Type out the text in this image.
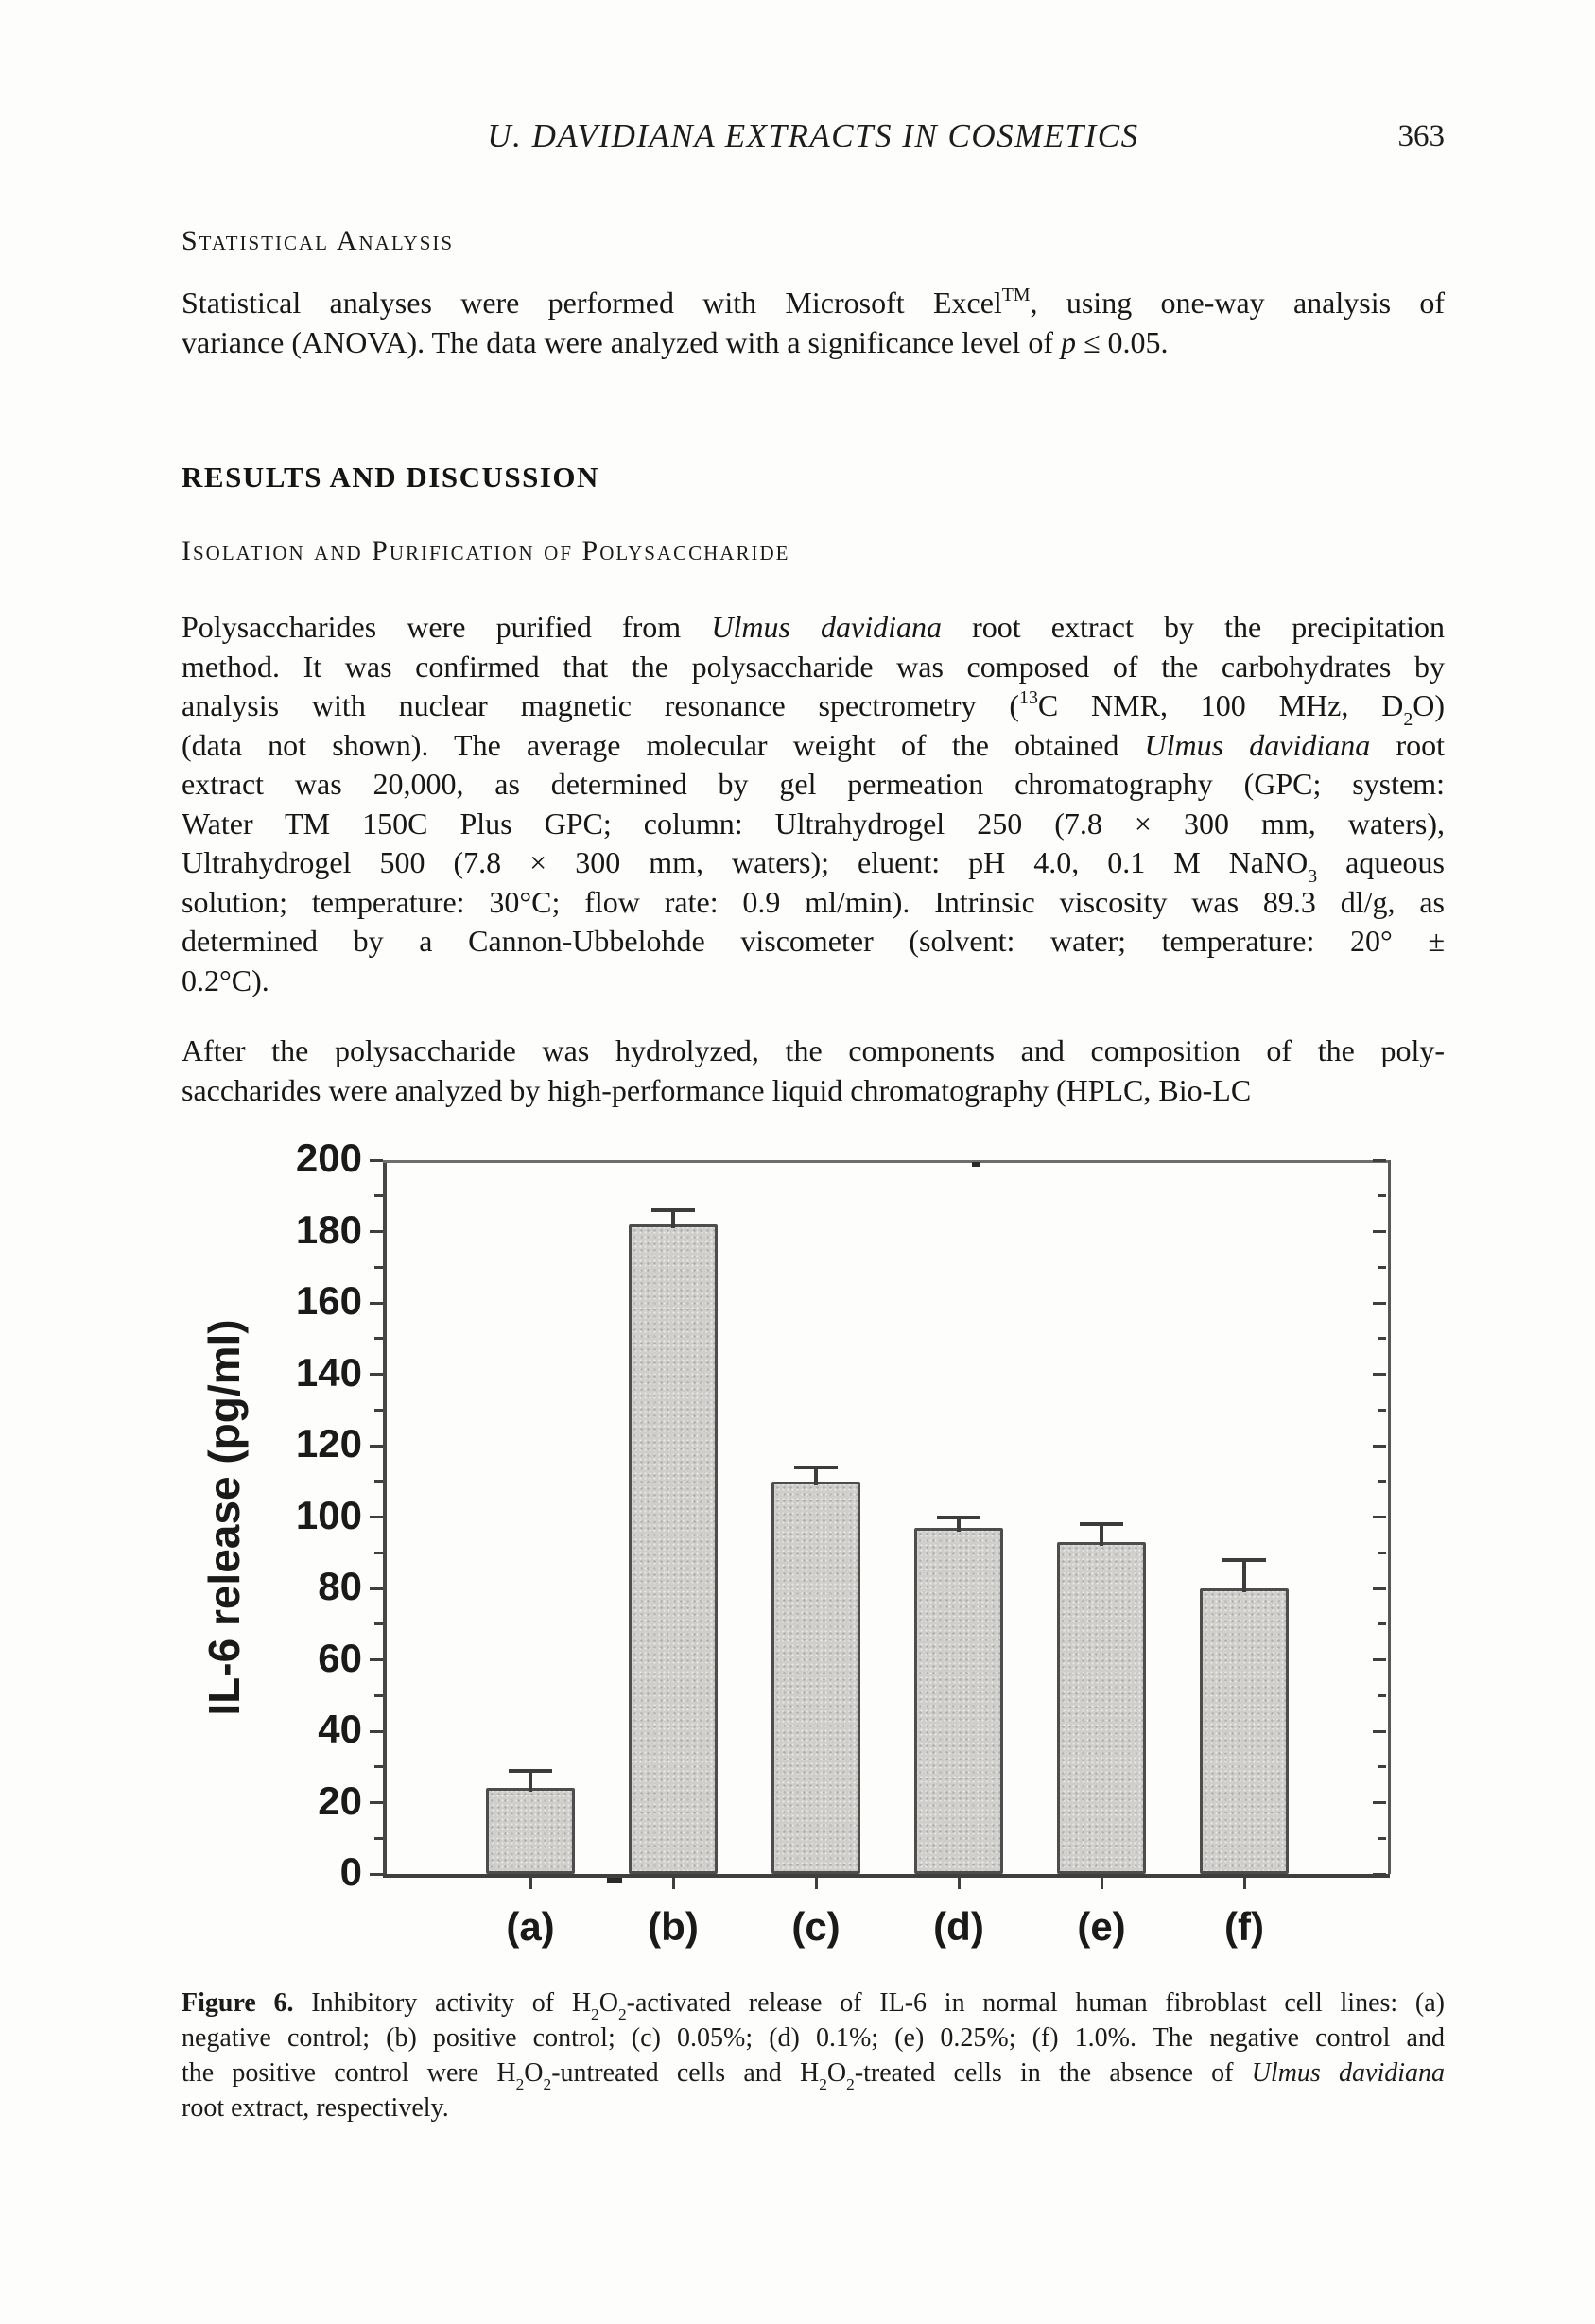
U. DAVIDIANA EXTRACTS IN COSMETICS	363
Statistical Analysis
Statistical analyses were performed with Microsoft Excel™, using one-way analysis of
variance (ANOVA). The data were analyzed with a significance level of p ≤ 0.05.
RESULTS AND DISCUSSION
Isolation and Purification of Polysaccharide
Polysaccharides were purified from Ulmus davidiana root extract by the precipitation
method. It was confirmed that the polysaccharide was composed of the carbohydrates by
analysis with nuclear magnetic resonance spectrometry ($^{13}$C NMR, 100 MHz, $D_2O$)
(data not shown). The average molecular weight of the obtained Ulmus davidiana root
extract was 20,000, as determined by gel permeation chromatography (GPC; system:
Water TM 150C Plus GPC; column: Ultrahydrogel 250 (7.8 × 300 mm, waters),
Ultrahydrogel 500 (7.8 × 300 mm, waters); eluent: pH 4.0, 0.1 M NaNO$_3$ aqueous
solution; temperature: 30°C; flow rate: 0.9 ml/min). Intrinsic viscosity was 89.3 dl/g, as
determined by a Cannon-Ubbelohde viscometer (solvent: water; temperature: 20° ±
0.2°C).
After the polysaccharide was hydrolyzed, the components and composition of the poly-
saccharides were analyzed by high-performance liquid chromatography (HPLC, Bio-LC
0
20
40
60
80
100
120
140
160
180
200
(a)	(b)	(c)	(d)	(e)	(f)
IL-6 release (pg/ml)
Figure 6. Inhibitory activity of $H_2O_2$-activated release of IL-6 in normal human fibroblast cell lines: (a)
negative control; (b) positive control; (c) 0.05%; (d) 0.1%; (e) 0.25%; (f) 1.0%. The negative control and
the positive control were $H_2O_2$-untreated cells and $H_2O_2$-treated cells in the absence of Ulmus davidiana
root extract, respectively.
